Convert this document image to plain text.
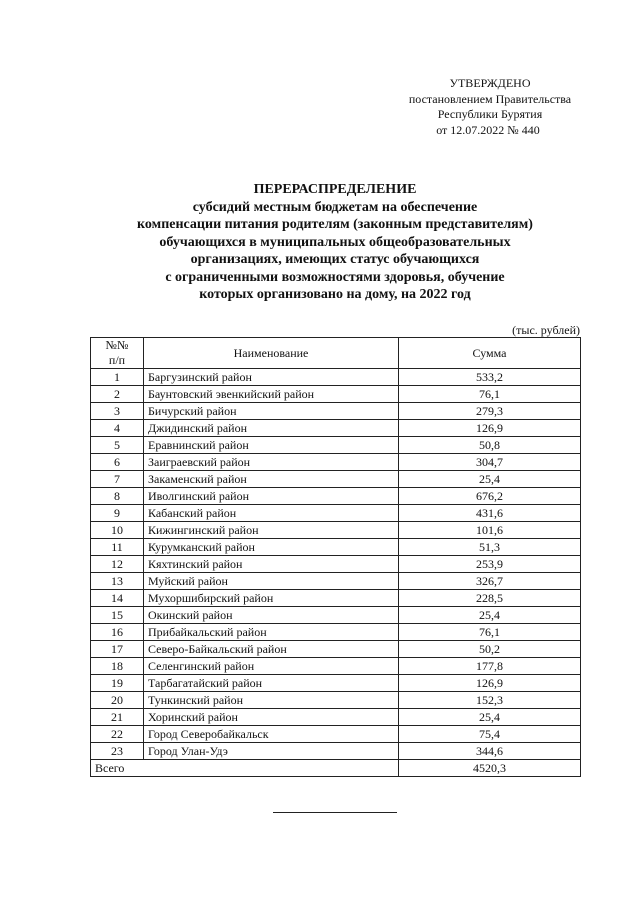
УТВЕРЖДЕНО
постановлением Правительства
Республики Бурятия
от 12.07.2022 № 440
ПЕРЕРАСПРЕДЕЛЕНИЕ
субсидий местным бюджетам на обеспечение
компенсации питания родителям (законным представителям)
обучающихся в муниципальных общеобразовательных
организациях, имеющих статус обучающихся
с ограниченными возможностями здоровья, обучение
которых организовано на дому, на 2022 год
(тыс. рублей)
№№
п/п	Наименование	Сумма
1	Баргузинский район	533,2
2	Баунтовский эвенкийский район	76,1
3	Бичурский район	279,3
4	Джидинский район	126,9
5	Еравнинский район	50,8
6	Заиграевский район	304,7
7	Закаменский район	25,4
8	Иволгинский район	676,2
9	Кабанский район	431,6
10	Кижингинский район	101,6
11	Курумканский район	51,3
12	Кяхтинский район	253,9
13	Муйский район	326,7
14	Мухоршибирский район	228,5
15	Окинский район	25,4
16	Прибайкальский район	76,1
17	Северо-Байкальский район	50,2
18	Селенгинский район	177,8
19	Тарбагатайский район	126,9
20	Тункинский район	152,3
21	Хоринский район	25,4
22	Город Северобайкальск	75,4
23	Город Улан-Удэ	344,6
Всего		4520,3
